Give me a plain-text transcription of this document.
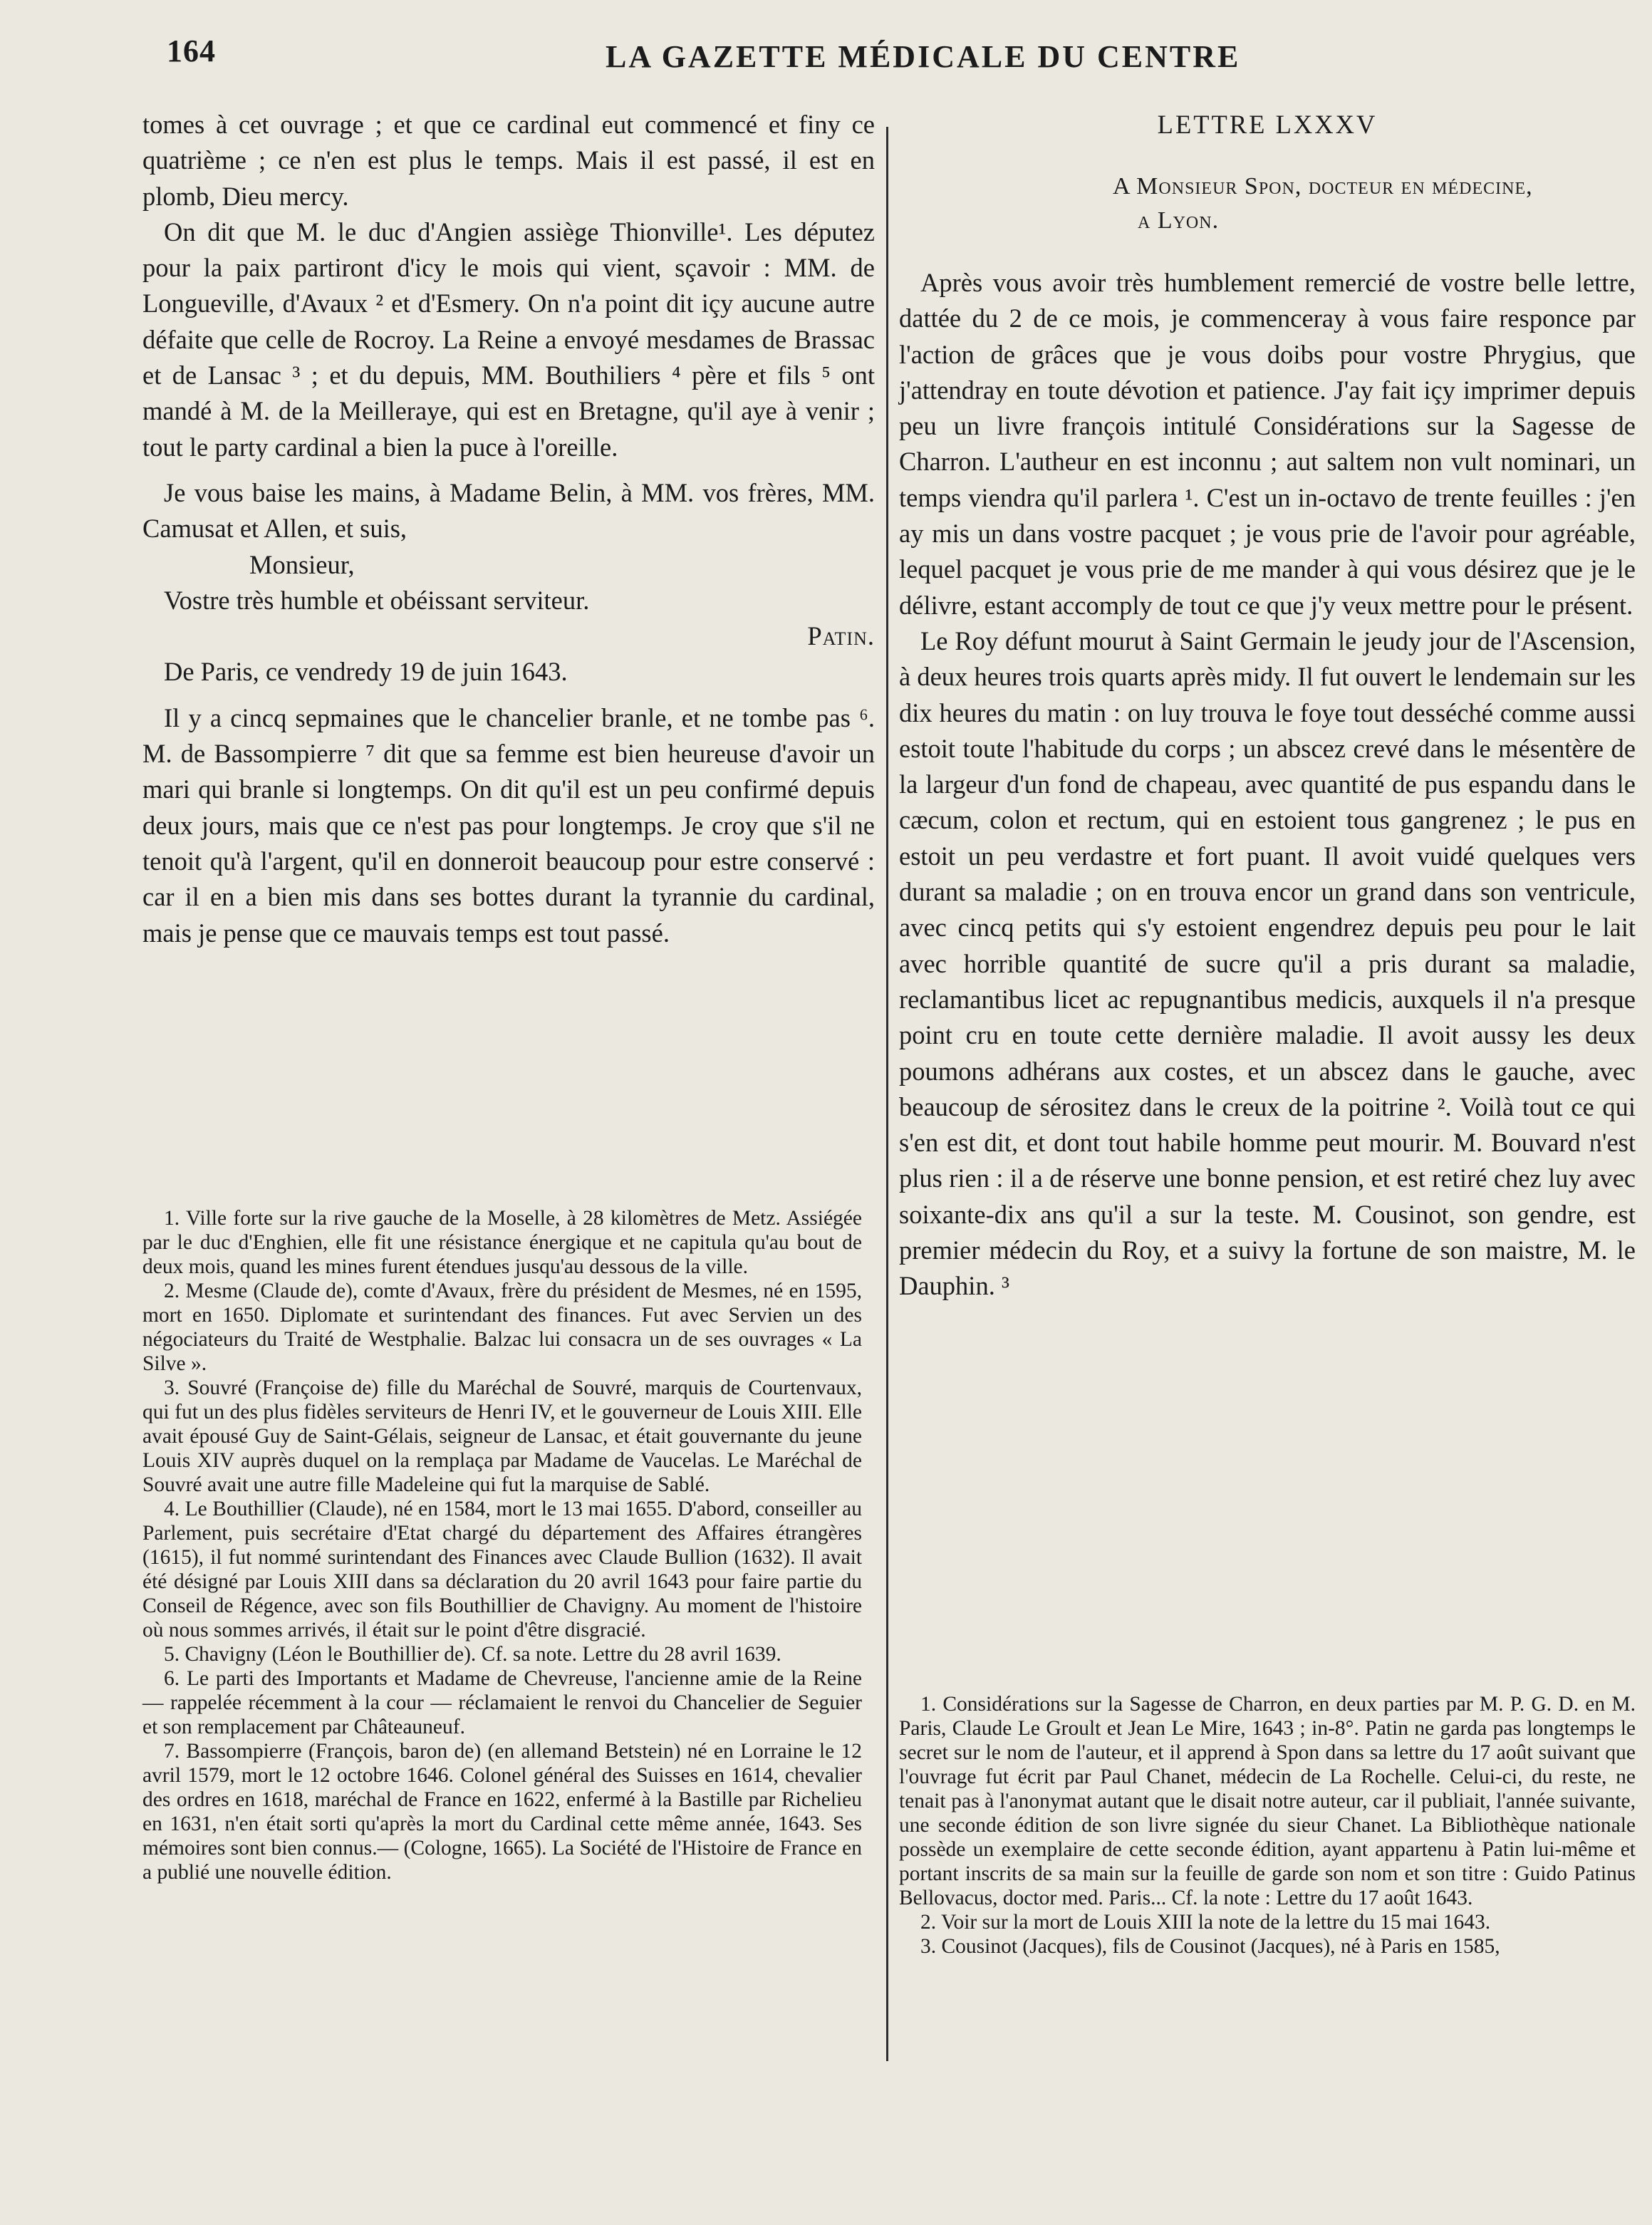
164	LA GAZETTE MÉDICALE DU CENTRE

tomes à cet ouvrage ; et que ce cardinal eut commencé et finy ce quatrième ; ce n'en est plus le temps. Mais il est passé, il est en plomb, Dieu mercy.

On dit que M. le duc d'Angien assiège Thionville¹. Les députez pour la paix partiront d'icy le mois qui vient, sçavoir : MM. de Longueville, d'Avaux ² et d'Esmery. On n'a point dit içy aucune autre défaite que celle de Rocroy. La Reine a envoyé mesdames de Brassac et de Lansac ³ ; et du depuis, MM. Bouthiliers ⁴ père et fils ⁵ ont mandé à M. de la Meilleraye, qui est en Bretagne, qu'il aye à venir ; tout le party cardinal a bien la puce à l'oreille.

Je vous baise les mains, à Madame Belin, à MM. vos frères, MM. Camusat et Allen, et suis,

Monsieur,

Vostre très humble et obéissant serviteur.

Patin.

De Paris, ce vendredy 19 de juin 1643.

Il y a cincq sepmaines que le chancelier branle, et ne tombe pas ⁶. M. de Bassompierre ⁷ dit que sa femme est bien heureuse d'avoir un mari qui branle si longtemps. On dit qu'il est un peu confirmé depuis deux jours, mais que ce n'est pas pour longtemps. Je croy que s'il ne tenoit qu'à l'argent, qu'il en donneroit beaucoup pour estre conservé : car il en a bien mis dans ses bottes durant la tyrannie du cardinal, mais je pense que ce mauvais temps est tout passé.

1. Ville forte sur la rive gauche de la Moselle, à 28 kilomètres de Metz. Assiégée par le duc d'Enghien, elle fit une résistance énergique et ne capitula qu'au bout de deux mois, quand les mines furent étendues jusqu'au dessous de la ville.

2. Mesme (Claude de), comte d'Avaux, frère du président de Mesmes, né en 1595, mort en 1650. Diplomate et surintendant des finances. Fut avec Servien un des négociateurs du Traité de Westphalie. Balzac lui consacra un de ses ouvrages « La Silve ».

3. Souvré (Françoise de) fille du Maréchal de Souvré, marquis de Courtenvaux, qui fut un des plus fidèles serviteurs de Henri IV, et le gouverneur de Louis XIII. Elle avait épousé Guy de Saint-Gélais, seigneur de Lansac, et était gouvernante du jeune Louis XIV auprès duquel on la remplaça par Madame de Vaucelas. Le Maréchal de Souvré avait une autre fille Madeleine qui fut la marquise de Sablé.

4. Le Bouthillier (Claude), né en 1584, mort le 13 mai 1655. D'abord, conseiller au Parlement, puis secrétaire d'Etat chargé du département des Affaires étrangères (1615), il fut nommé surintendant des Finances avec Claude Bullion (1632). Il avait été désigné par Louis XIII dans sa déclaration du 20 avril 1643 pour faire partie du Conseil de Régence, avec son fils Bouthillier de Chavigny. Au moment de l'histoire où nous sommes arrivés, il était sur le point d'être disgracié.

5. Chavigny (Léon le Bouthillier de). Cf. sa note. Lettre du 28 avril 1639.

6. Le parti des Importants et Madame de Chevreuse, l'ancienne amie de la Reine — rappelée récemment à la cour — réclamaient le renvoi du Chancelier de Seguier et son remplacement par Châteauneuf.

7. Bassompierre (François, baron de) (en allemand Betstein) né en Lorraine le 12 avril 1579, mort le 12 octobre 1646. Colonel général des Suisses en 1614, chevalier des ordres en 1618, maréchal de France en 1622, enfermé à la Bastille par Richelieu en 1631, n'en était sorti qu'après la mort du Cardinal cette même année, 1643. Ses mémoires sont bien connus.— (Cologne, 1665). La Société de l'Histoire de France en a publié une nouvelle édition.

LETTRE LXXXV

A Monsieur Spon, docteur en médecine,
a Lyon.

Après vous avoir très humblement remercié de vostre belle lettre, dattée du 2 de ce mois, je commenceray à vous faire responce par l'action de grâces que je vous doibs pour vostre Phrygius, que j'attendray en toute dévotion et patience. J'ay fait içy imprimer depuis peu un livre françois intitulé Considérations sur la Sagesse de Charron. L'autheur en est inconnu ; aut saltem non vult nominari, un temps viendra qu'il parlera ¹. C'est un in-octavo de trente feuilles : j'en ay mis un dans vostre pacquet ; je vous prie de l'avoir pour agréable, lequel pacquet je vous prie de me mander à qui vous désirez que je le délivre, estant accomply de tout ce que j'y veux mettre pour le présent.

Le Roy défunt mourut à Saint Germain le jeudy jour de l'Ascension, à deux heures trois quarts après midy. Il fut ouvert le lendemain sur les dix heures du matin : on luy trouva le foye tout desséché comme aussi estoit toute l'habitude du corps ; un abscez crevé dans le mésentère de la largeur d'un fond de chapeau, avec quantité de pus espandu dans le cæcum, colon et rectum, qui en estoient tous gangrenez ; le pus en estoit un peu verdastre et fort puant. Il avoit vuidé quelques vers durant sa maladie ; on en trouva encor un grand dans son ventricule, avec cincq petits qui s'y estoient engendrez depuis peu pour le lait avec horrible quantité de sucre qu'il a pris durant sa maladie, reclamantibus licet ac repugnantibus medicis, auxquels il n'a presque point cru en toute cette dernière maladie. Il avoit aussy les deux poumons adhérans aux costes, et un abscez dans le gauche, avec beaucoup de sérositez dans le creux de la poitrine ². Voilà tout ce qui s'en est dit, et dont tout habile homme peut mourir. M. Bouvard n'est plus rien : il a de réserve une bonne pension, et est retiré chez luy avec soixante-dix ans qu'il a sur la teste. M. Cousinot, son gendre, est premier médecin du Roy, et a suivy la fortune de son maistre, M. le Dauphin. ³

1. Considérations sur la Sagesse de Charron, en deux parties par M. P. G. D. en M. Paris, Claude Le Groult et Jean Le Mire, 1643 ; in-8°. Patin ne garda pas longtemps le secret sur le nom de l'auteur, et il apprend à Spon dans sa lettre du 17 août suivant que l'ouvrage fut écrit par Paul Chanet, médecin de La Rochelle. Celui-ci, du reste, ne tenait pas à l'anonymat autant que le disait notre auteur, car il publiait, l'année suivante, une seconde édition de son livre signée du sieur Chanet. La Bibliothèque nationale possède un exemplaire de cette seconde édition, ayant appartenu à Patin lui-même et portant inscrits de sa main sur la feuille de garde son nom et son titre : Guido Patinus Bellovacus, doctor med. Paris... Cf. la note : Lettre du 17 août 1643.

2. Voir sur la mort de Louis XIII la note de la lettre du 15 mai 1643.

3. Cousinot (Jacques), fils de Cousinot (Jacques), né à Paris en 1585,
